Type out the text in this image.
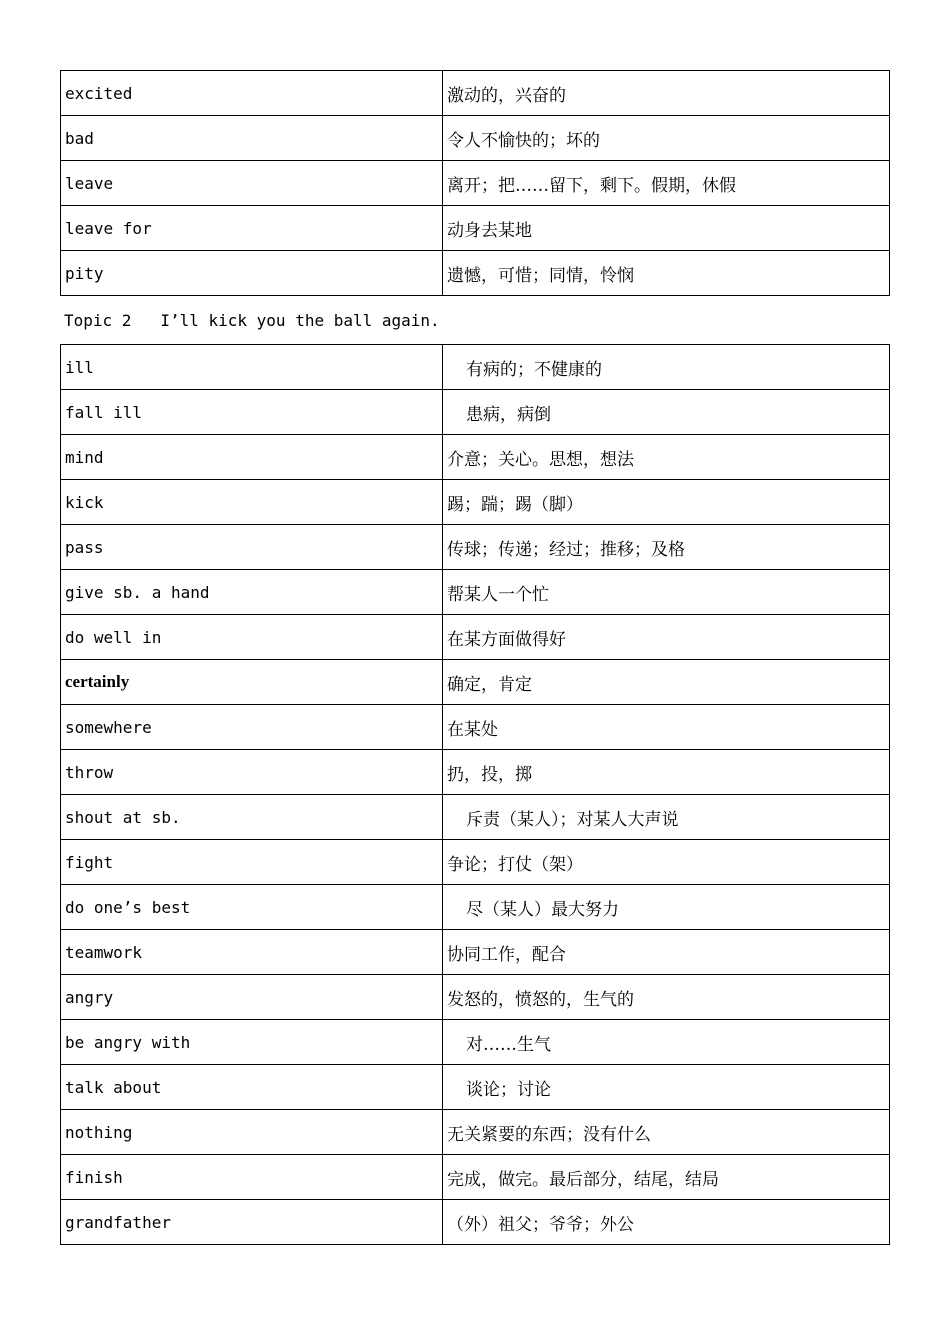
excited	激动的，兴奋的
bad	令人不愉快的；坏的
leave	离开；把……留下，剩下。假期，休假
leave for	动身去某地
pity	遗憾，可惜；同情，怜悯
Topic 2   I’ll kick you the ball again.
ill	有病的；不健康的
fall ill	患病，病倒
mind	介意；关心。思想，想法
kick	踢；踹；踢（脚）
pass	传球；传递；经过；推移；及格
give sb. a hand	帮某人一个忙
do well in	在某方面做得好
certainly	确定，肯定
somewhere	在某处
throw	扔，投，掷
shout at sb.	斥责（某人）；对某人大声说
fight	争论；打仗（架）
do one’s best	尽（某人）最大努力
teamwork	协同工作，配合
angry	发怒的，愤怒的，生气的
be angry with	对……生气
talk about	谈论；讨论
nothing	无关紧要的东西；没有什么
finish	完成，做完。最后部分，结尾，结局
grandfather	（外）祖父；爷爷；外公
